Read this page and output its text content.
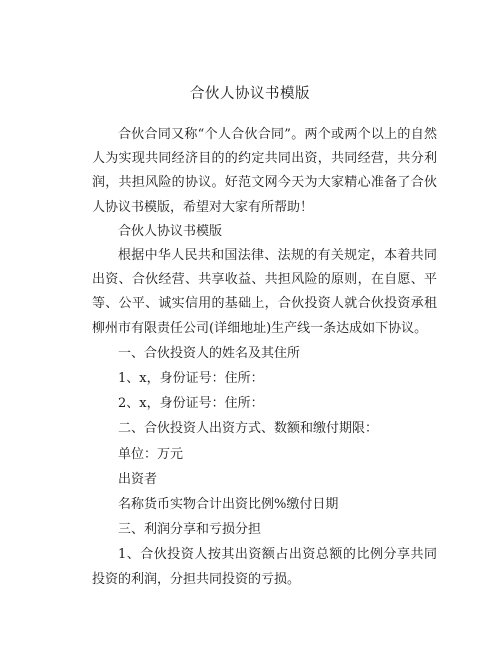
合伙人协议书模版

合伙合同又称“个人合伙合同”。两个或两个以上的自然人为实现共同经济目的的约定共同出资，共同经营，共分利润，共担风险的协议。好范文网今天为大家精心准备了合伙人协议书模版，希望对大家有所帮助！

合伙人协议书模版

根据中华人民共和国法律、法规的有关规定，本着共同出资、合伙经营、共享收益、共担风险的原则，在自愿、平等、公平、诚实信用的基础上，合伙投资人就合伙投资承租柳州市有限责任公司(详细地址)生产线一条达成如下协议。

一、合伙投资人的姓名及其住所

1、x，身份证号：住所：

2、x，身份证号：住所：

二、合伙投资人出资方式、数额和缴付期限：

单位：万元

出资者

名称货币实物合计出资比例%缴付日期

三、利润分享和亏损分担

1、合伙投资人按其出资额占出资总额的比例分享共同投资的利润，分担共同投资的亏损。
